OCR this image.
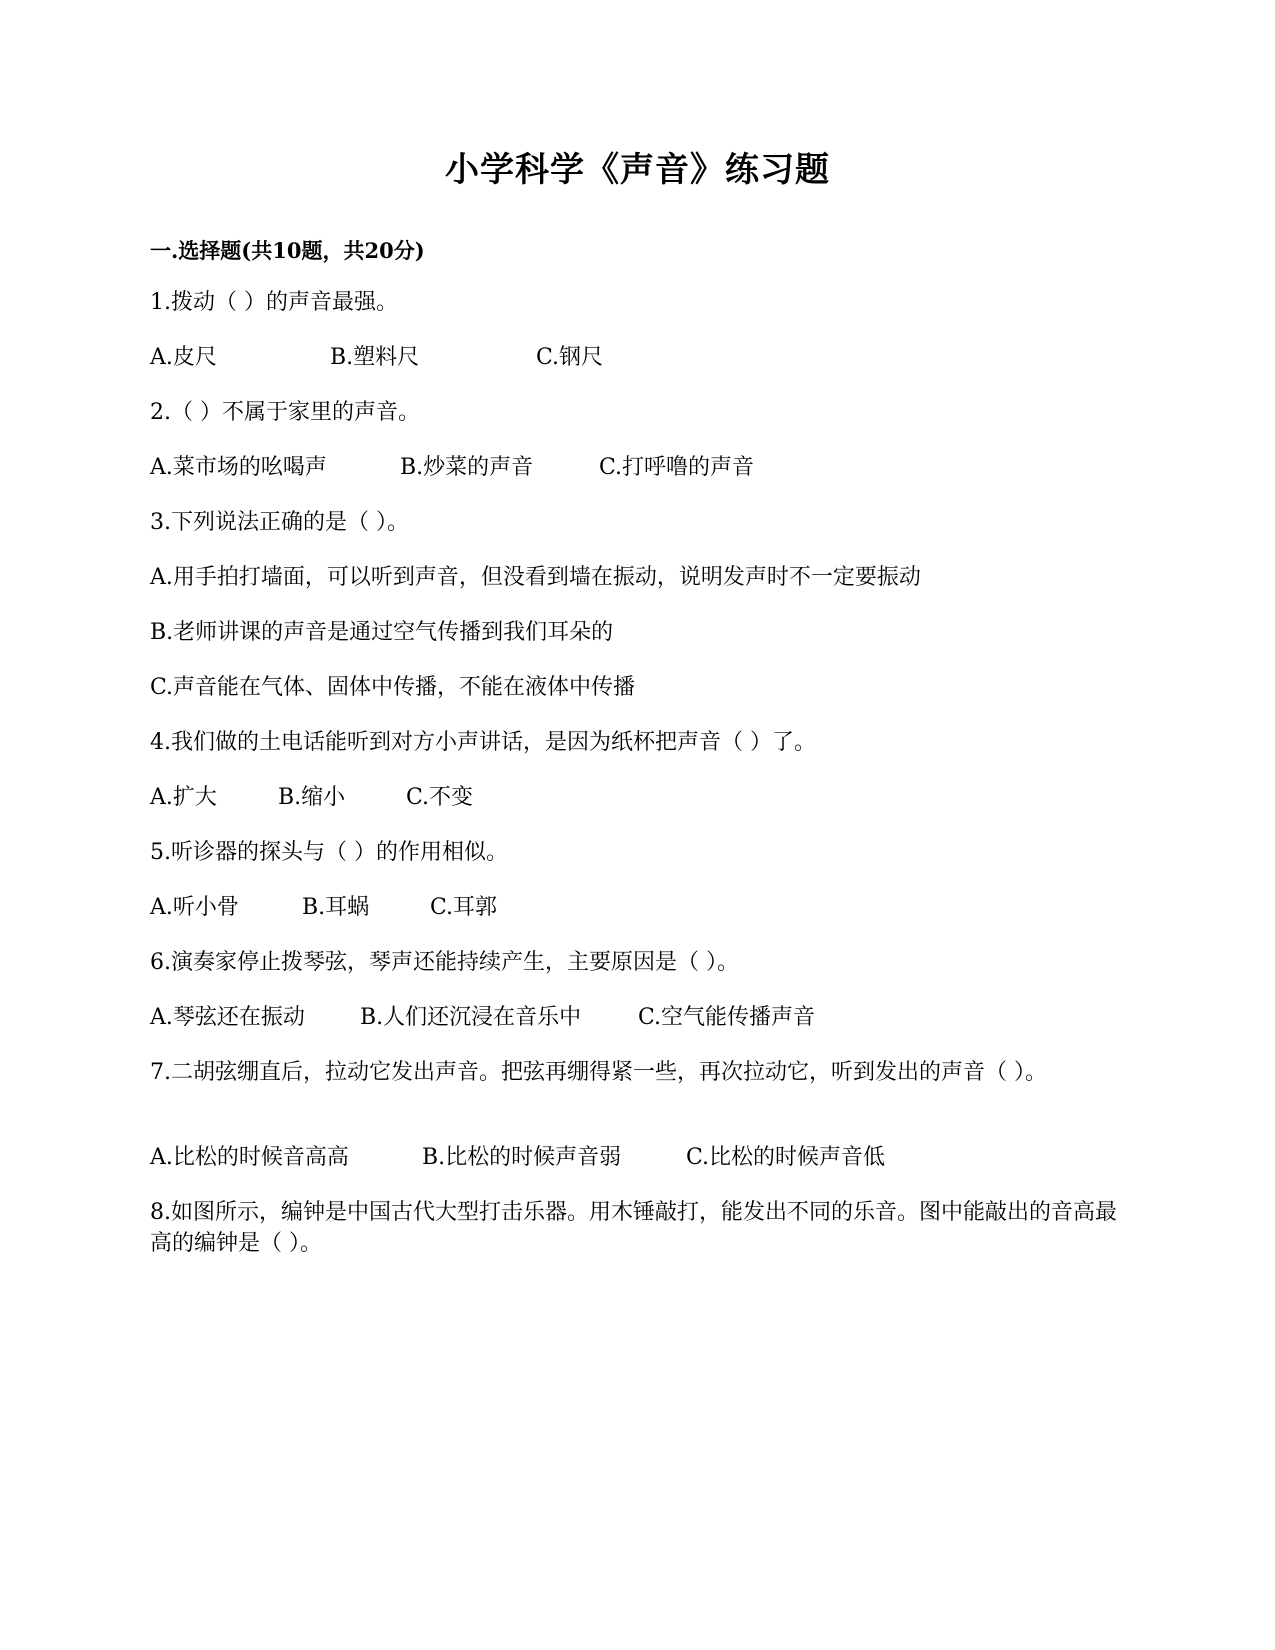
小学科学《声音》练习题
一.选择题(共10题，共20分)
1.拨动（ ）的声音最强。
A.皮尺	B.塑料尺	C.钢尺
2.（ ）不属于家里的声音。
A.菜市场的吆喝声	B.炒菜的声音	C.打呼噜的声音
3.下列说法正确的是（ ）。
A.用手拍打墙面，可以听到声音，但没看到墙在振动，说明发声时不一定要振动
B.老师讲课的声音是通过空气传播到我们耳朵的
C.声音能在气体、固体中传播，不能在液体中传播
4.我们做的土电话能听到对方小声讲话，是因为纸杯把声音（ ）了。
A.扩大	B.缩小	C.不变
5.听诊器的探头与（ ）的作用相似。
A.听小骨	B.耳蜗	C.耳郭
6.演奏家停止拨琴弦，琴声还能持续产生，主要原因是（ ）。
A.琴弦还在振动	B.人们还沉浸在音乐中	C.空气能传播声音
7.二胡弦绷直后，拉动它发出声音。把弦再绷得紧一些，再次拉动它，听到发出的声音（ ）。
A.比松的时候音高高	B.比松的时候声音弱	C.比松的时候声音低
8.如图所示，编钟是中国古代大型打击乐器。用木锤敲打，能发出不同的乐音。图中能敲出的音高最高的编钟是（ ）。
